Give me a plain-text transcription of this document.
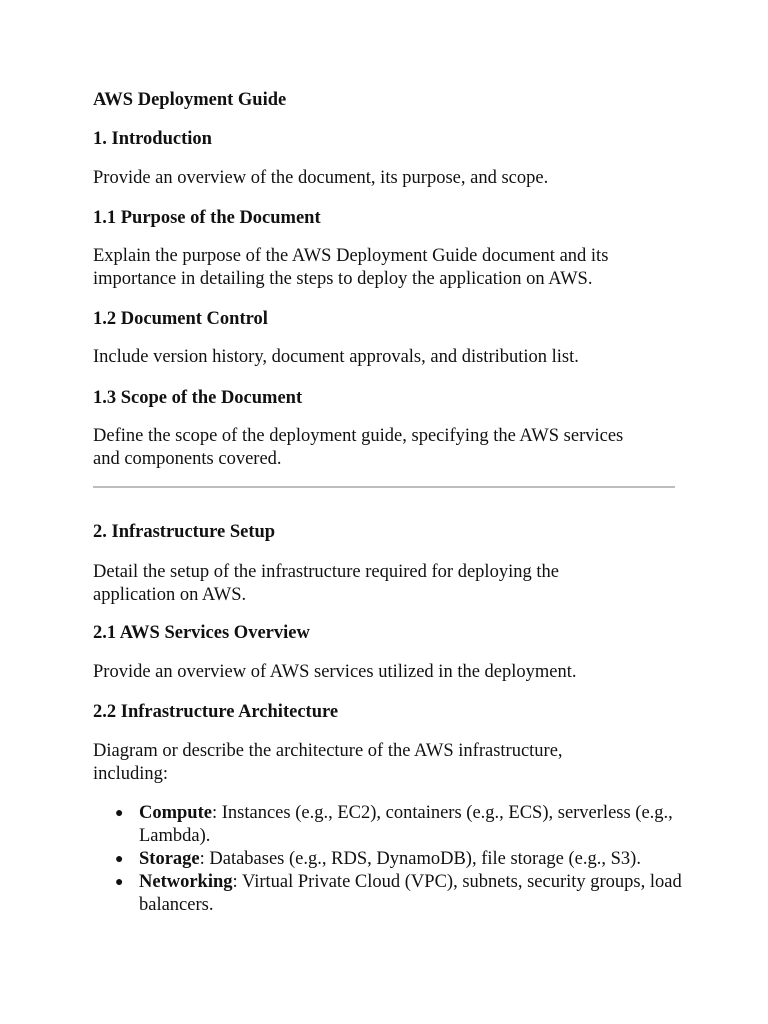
AWS Deployment Guide
1. Introduction
Provide an overview of the document, its purpose, and scope.
1.1 Purpose of the Document
Explain the purpose of the AWS Deployment Guide document and its importance in detailing the steps to deploy the application on AWS.
1.2 Document Control
Include version history, document approvals, and distribution list.
1.3 Scope of the Document
Define the scope of the deployment guide, specifying the AWS services and components covered.
2. Infrastructure Setup
Detail the setup of the infrastructure required for deploying the application on AWS.
2.1 AWS Services Overview
Provide an overview of AWS services utilized in the deployment.
2.2 Infrastructure Architecture
Diagram or describe the architecture of the AWS infrastructure, including:
● Compute: Instances (e.g., EC2), containers (e.g., ECS), serverless (e.g., Lambda).
● Storage: Databases (e.g., RDS, DynamoDB), file storage (e.g., S3).
● Networking: Virtual Private Cloud (VPC), subnets, security groups, load balancers.
